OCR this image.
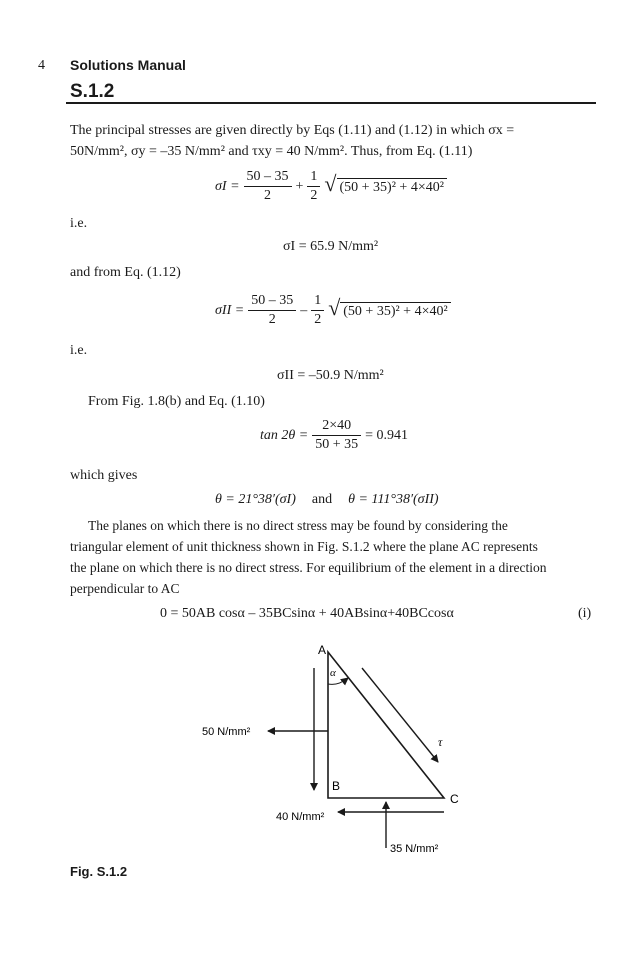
4 Solutions Manual
S.1.2
The principal stresses are given directly by Eqs (1.11) and (1.12) in which σx =
50N/mm², σy = –35 N/mm² and τxy = 40 N/mm². Thus, from Eq. (1.11)
$\sigma I = \frac{50 - 35}{2} + \frac{1}{2}$ √ (50 + 35)² + 4×40²
i.e.
σI = 65.9 N/mm²
and from Eq. (1.12)
$\sigma II = \frac{50 - 35}{2} - \frac{1}{2}$ √ (50 + 35)² + 4×40²
i.e.
σII = –50.9 N/mm²
From Fig. 1.8(b) and Eq. (1.10)
$\tan 2\theta = \frac{2\times 40}{50 + 35} = 0.941$
which gives
θ = 21°38′(σI) and θ = 111°38′(σII)
The planes on which there is no direct stress may be found by considering the
triangular element of unit thickness shown in Fig. S.1.2 where the plane AC represents
the plane on which there is no direct stress. For equilibrium of the element in a direction
perpendicular to AC
0 = 50AB cosα – 35BCsinα + 40ABsinα+40BCcosα	(i)
A
B
C
α
τ
50 N/mm²
40 N/mm²
35 N/mm²
Fig. S.1.2
